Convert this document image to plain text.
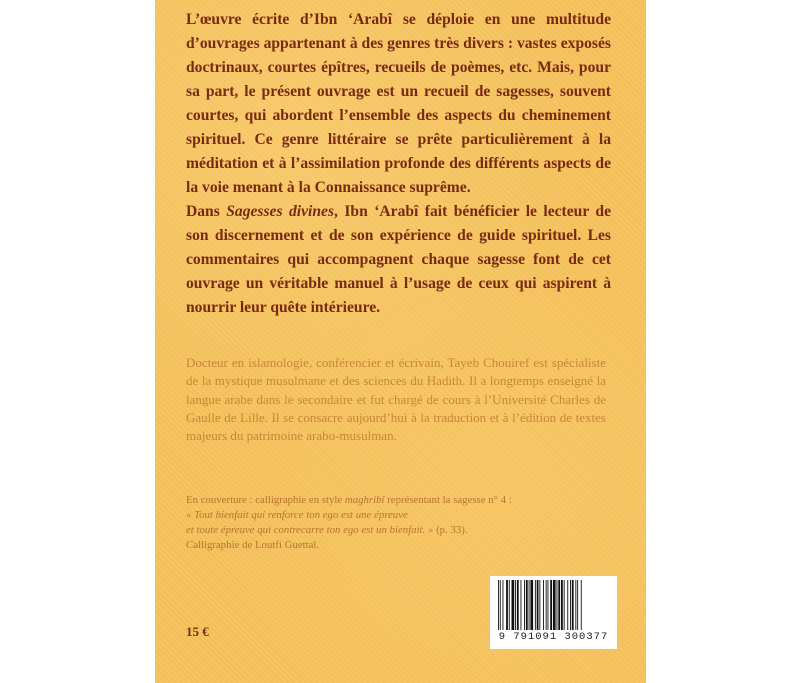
L’œuvre écrite d’Ibn ‘Arabî se déploie en une multitude d’ouvrages appartenant à des genres très divers : vastes exposés doctrinaux, courtes épîtres, recueils de poèmes, etc. Mais, pour sa part, le présent ouvrage est un recueil de sagesses, souvent courtes, qui abordent l’ensemble des aspects du cheminement spirituel. Ce genre littéraire se prête particulièrement à la méditation et à l’assimilation profonde des différents aspects de la voie menant à la Connaissance suprême.

Dans Sagesses divines, Ibn ‘Arabî fait bénéficier le lecteur de son discernement et de son expérience de guide spirituel. Les commentaires qui accompagnent chaque sagesse font de cet ouvrage un véritable manuel à l’usage de ceux qui aspirent à nourrir leur quête intérieure.

Docteur en islamologie, conférencier et écrivain, Tayeb Chouiref est spécialiste de la mystique musulmane et des sciences du Hadith. Il a longtemps enseigné la langue arabe dans le secondaire et fut chargé de cours à l’Université Charles de Gaulle de Lille. Il se consacre aujourd’hui à la traduction et à l’édition de textes majeurs du patrimoine arabo-musulman.

En couverture : calligraphie en style maghribî représentant la sagesse n° 4 :
« Tout bienfait qui renforce ton ego est une épreuve
et toute épreuve qui contrecarre ton ego est un bienfait. » (p. 33).
Calligraphie de Loutfi Guettal.
15 €	9 791091 300377
